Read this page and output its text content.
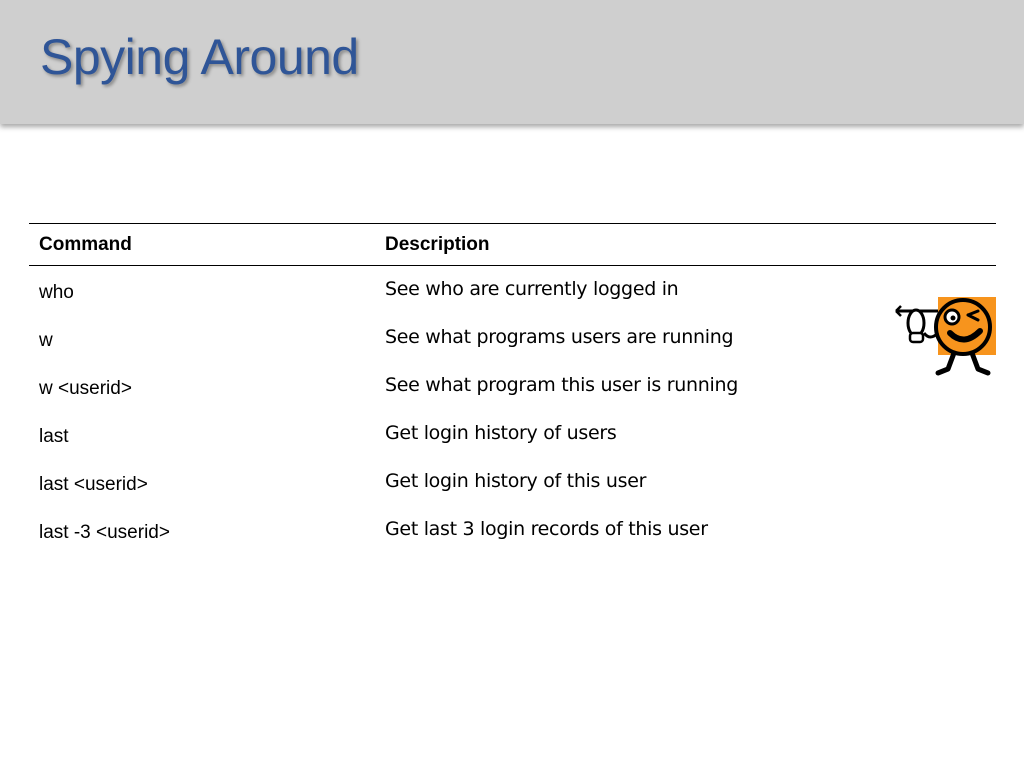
Spying Around
Command	Description
who	See who are currently logged in
w	See what programs users are running
w <userid>	See what program this user is running
last	Get login history of users
last <userid>	Get login history of this user
last -3 <userid>	Get last 3 login records of this user
